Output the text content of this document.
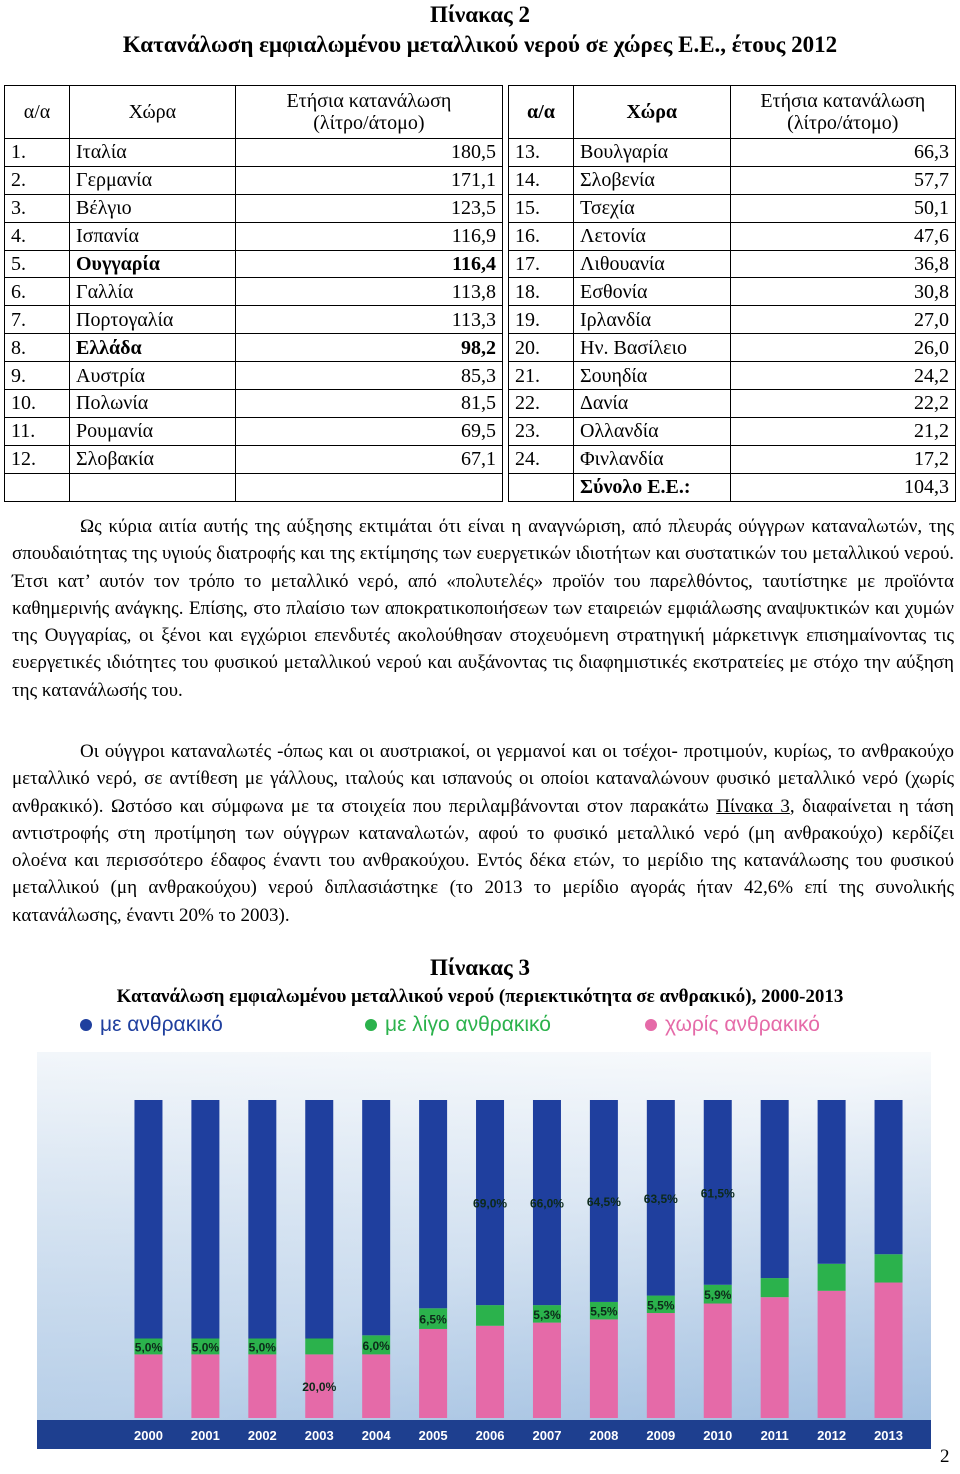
Πίνακας 2
Κατανάλωση εμφιαλωμένου μεταλλικού νερού σε χώρες Ε.Ε., έτους 2012
α/α	Χώρα	Ετήσια κατανάλωση
(λίτρο/άτομο)
1.	Ιταλία	180,5
2.	Γερμανία	171,1
3.	Βέλγιο	123,5
4.	Ισπανία	116,9
5.	Ουγγαρία	116,4
6.	Γαλλία	113,8
7.	Πορτογαλία	113,3
8.	Ελλάδα	98,2
9.	Αυστρία	85,3
10.	Πολωνία	81,5
11.	Ρουμανία	69,5
12.	Σλοβακία	67,1

α/α	Χώρα	Ετήσια κατανάλωση
(λίτρο/άτομο)
13.	Βουλγαρία	66,3
14.	Σλοβενία	57,7
15.	Τσεχία	50,1
16.	Λετονία	47,6
17.	Λιθουανία	36,8
18.	Εσθονία	30,8
19.	Ιρλανδία	27,0
20.	Ην. Βασίλειο	26,0
21.	Σουηδία	24,2
22.	Δανία	22,2
23.	Ολλανδία	21,2
24.	Φινλανδία	17,2
	Σύνολο Ε.Ε.:	104,3
Ως κύρια αιτία αυτής της αύξησης εκτιμάται ότι είναι η αναγνώριση, από πλευράς ούγγρων καταναλωτών, της σπουδαιότητας της υγιούς διατροφής και της εκτίμησης των ευεργετικών ιδιοτήτων και συστατικών του μεταλλικού νερού. Έτσι κατ’ αυτόν τον τρόπο το μεταλλικό νερό, από «πολυτελές» προϊόν του παρελθόντος, ταυτίστηκε με προϊόντα καθημερινής ανάγκης. Επίσης, στο πλαίσιο των αποκρατικοποιήσεων των εταιρειών εμφιάλωσης αναψυκτικών και χυμών της Ουγγαρίας, οι ξένοι και εγχώριοι επενδυτές ακολούθησαν στοχευόμενη στρατηγική μάρκετινγκ επισημαίνοντας τις ευεργετικές ιδιότητες του φυσικού μεταλλικού νερού και αυξάνοντας τις διαφημιστικές εκστρατείες με στόχο την αύξηση της κατανάλωσής του.
Οι ούγγροι καταναλωτές -όπως και οι αυστριακοί, οι γερμανοί και οι τσέχοι- προτιμούν, κυρίως, το ανθρακούχο μεταλλικό νερό, σε αντίθεση με γάλλους, ιταλούς και ισπανούς οι οποίοι καταναλώνουν φυσικό μεταλλικό νερό (χωρίς ανθρακικό). Ωστόσο και σύμφωνα με τα στοιχεία που περιλαμβάνονται στον παρακάτω Πίνακα 3, διαφαίνεται η τάση αντιστροφής στη προτίμηση των ούγγρων καταναλωτών, αφού το φυσικό μεταλλικό νερό (μη ανθρακούχο) κερδίζει ολοένα και περισσότερο έδαφος έναντι του ανθρακούχου. Εντός δέκα ετών, το μερίδιο της κατανάλωσης του φυσικού μεταλλικού (μη ανθρακούχου) νερού διπλασιάστηκε (το 2013 το μερίδιο αγοράς ήταν 42,6% επί της συνολικής κατανάλωσης, έναντι 20% το 2003).
Πίνακας 3
Κατανάλωση εμφιαλωμένου μεταλλικού νερού (περιεκτικότητα σε ανθρακικό), 2000-2013
με ανθρακικό	με λίγο ανθρακικό	χωρίς ανθρακικό
5,0%
2000
5,0%
2001
5,0%
2002
20,0%
2003
6,0%
2004
6,5%
2005
69,0%
2006
5,3%
66,0%
2007
5,5%
64,5%
2008
5,5%
63,5%
2009
5,9%
61,5%
2010 2011 2012 2013
2
